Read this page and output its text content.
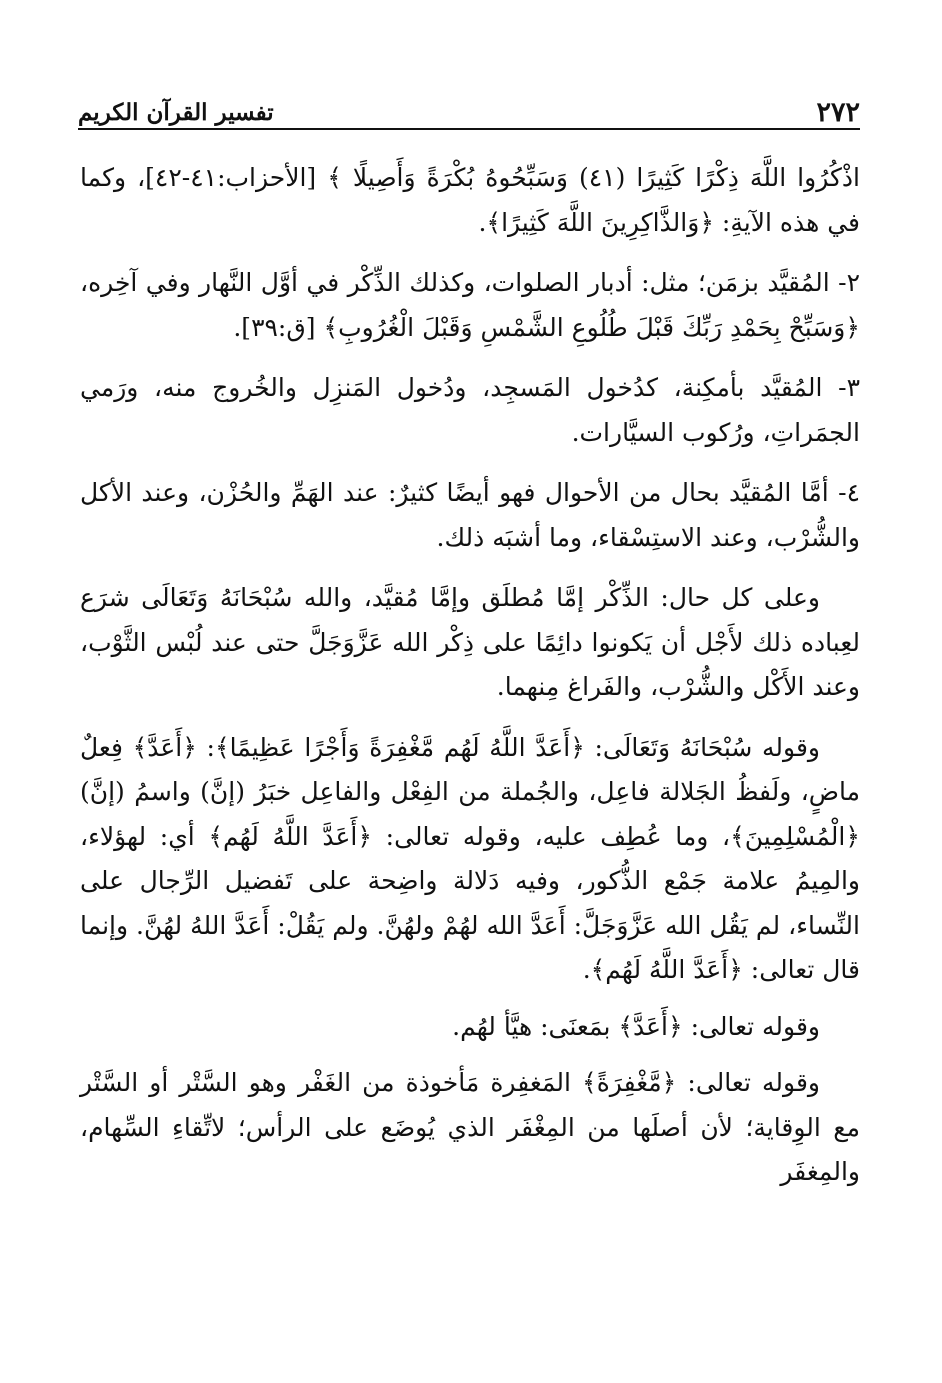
٢٧٢
تفسير القرآن الكريم

اذْكُرُوا اللَّهَ ذِكْرًا كَثِيرًا (٤١) وَسَبِّحُوهُ بُكْرَةً وَأَصِيلًا ﴾ [الأحزاب:٤١-٤٢]، وكما في هذه الآيةِ: ﴿وَالذَّاكِرِينَ اللَّهَ كَثِيرًا﴾.

٢- المُقيَّد بزمَن؛ مثل: أدبار الصلوات، وكذلك الذِّكْر في أوَّل النَّهار وفي آخِره، ﴿وَسَبِّحْ بِحَمْدِ رَبِّكَ قَبْلَ طُلُوعِ الشَّمْسِ وَقَبْلَ الْغُرُوبِ﴾ [ق:٣٩].

٣- المُقيَّد بأمكِنة، كدُخول المَسجِد، ودُخول المَنزِل والخُروج منه، ورَمي الجمَراتِ، ورُكوب السيَّارات.

٤- أمَّا المُقيَّد بحال من الأحوال فهو أيضًا كثيرٌ: عند الهَمِّ والحُزْن، وعند الأكل والشُّرْب، وعند الاستِسْقاء، وما أشبَه ذلك.

وعلى كل حال: الذِّكْر إمَّا مُطلَق وإمَّا مُقيَّد، والله سُبْحَانَهُ وَتَعَالَى شرَع لعِباده ذلك لأَجْل أن يَكونوا دائِمًا على ذِكْر الله عَزَّوَجَلَّ حتى عند لُبْس الثَّوْب، وعند الأَكْل والشُّرْب، والفَراغ مِنهما.

وقوله سُبْحَانَهُ وَتَعَالَى: ﴿أَعَدَّ اللَّهُ لَهُم مَّغْفِرَةً وَأَجْرًا عَظِيمًا﴾: ﴿أَعَدَّ﴾ فِعلٌ ماضٍ، ولَفظُ الجَلالة فاعِل، والجُملة من الفِعْل والفاعِل خبَرُ (إنَّ) واسمُ (إنَّ) ﴿الْمُسْلِمِينَ﴾، وما عُطِف عليه، وقوله تعالى: ﴿أَعَدَّ اللَّهُ لَهُم﴾ أي: لهؤلاء، والمِيمُ علامة جَمْع الذُّكور، وفيه دَلالة واضِحة على تَفضيل الرِّجال على النِّساء، لم يَقُل الله عَزَّوَجَلَّ: أَعَدَّ الله لهُمْ ولهُنَّ. ولم يَقُلْ: أَعَدَّ اللهُ لهُنَّ. وإنما قال تعالى: ﴿أَعَدَّ اللَّهُ لَهُم﴾.

وقوله تعالى: ﴿أَعَدَّ﴾ بمَعنَى: هيَّأ لهُم.

وقوله تعالى: ﴿مَّغْفِرَةً﴾ المَغفِرة مَأخوذة من الغَفْر وهو السَّتْر أو السَّتْر مع الوِقاية؛ لأن أصلَها من المِغْفَر الذي يُوضَع على الرأس؛ لاتِّقاءِ السِّهام، والمِغفَر
